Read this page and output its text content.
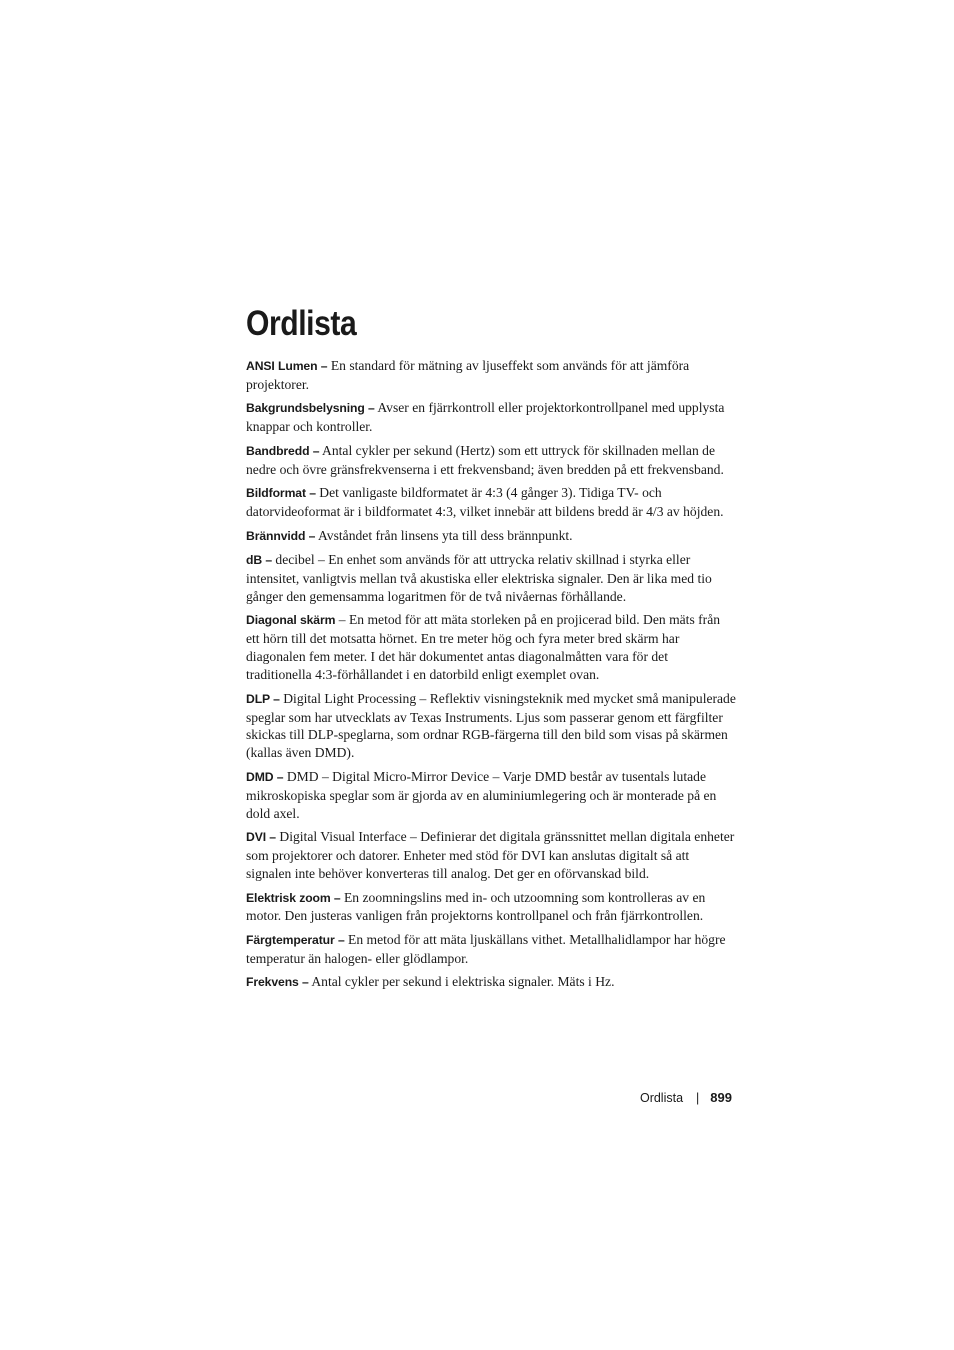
Ordlista

ANSI Lumen – En standard för mätning av ljuseffekt som används för att jämföra projektorer.

Bakgrundsbelysning – Avser en fjärrkontroll eller projektorkontrollpanel med upplysta knappar och kontroller.

Bandbredd – Antal cykler per sekund (Hertz) som ett uttryck för skillnaden mellan de nedre och övre gränsfrekvenserna i ett frekvensband; även bredden på ett frekvensband.

Bildformat – Det vanligaste bildformatet är 4:3 (4 gånger 3). Tidiga TV- och datorvideoformat är i bildformatet 4:3, vilket innebär att bildens bredd är 4/3 av höjden.

Brännvidd – Avståndet från linsens yta till dess brännpunkt.

dB – decibel – En enhet som används för att uttrycka relativ skillnad i styrka eller intensitet, vanligtvis mellan två akustiska eller elektriska signaler. Den är lika med tio gånger den gemensamma logaritmen för de två nivåernas förhållande.

Diagonal skärm – En metod för att mäta storleken på en projicerad bild. Den mäts från ett hörn till det motsatta hörnet. En tre meter hög och fyra meter bred skärm har diagonalen fem meter. I det här dokumentet antas diagonalmåtten vara för det traditionella 4:3-förhållandet i en datorbild enligt exemplet ovan.

DLP – Digital Light Processing – Reflektiv visningsteknik med mycket små manipulerade speglar som har utvecklats av Texas Instruments. Ljus som passerar genom ett färgfilter skickas till DLP-speglarna, som ordnar RGB-färgerna till den bild som visas på skärmen (kallas även DMD).

DMD – DMD – Digital Micro-Mirror Device – Varje DMD består av tusentals lutade mikroskopiska speglar som är gjorda av en aluminiumlegering och är monterade på en dold axel.

DVI – Digital Visual Interface – Definierar det digitala gränssnittet mellan digitala enheter som projektorer och datorer. Enheter med stöd för DVI kan anslutas digitalt så att signalen inte behöver konverteras till analog. Det ger en oförvanskad bild.

Elektrisk zoom – En zoomningslins med in- och utzoomning som kontrolleras av en motor. Den justeras vanligen från projektorns kontrollpanel och från fjärrkontrollen.

Färgtemperatur – En metod för att mäta ljuskällans vithet. Metallhalidlampor har högre temperatur än halogen- eller glödlampor.

Frekvens – Antal cykler per sekund i elektriska signaler. Mäts i Hz.

Ordlista | 899
